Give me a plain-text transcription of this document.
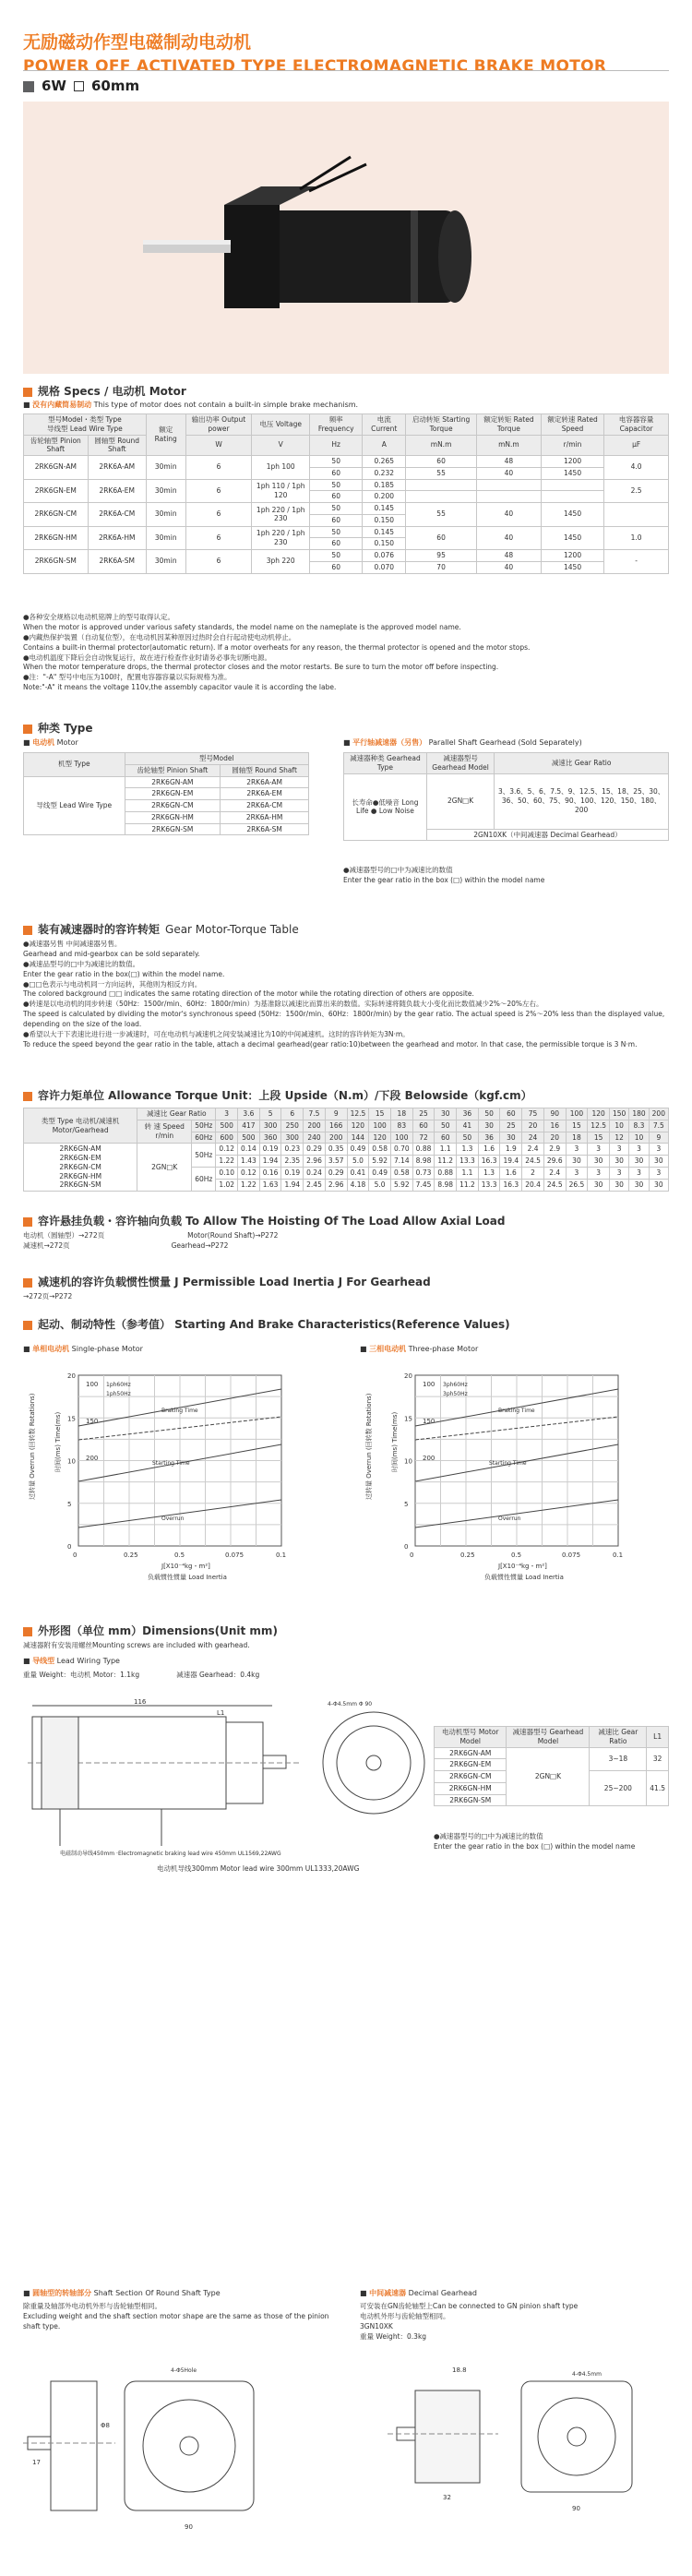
无励磁动作型电磁制动电动机
POWER OFF ACTIVATED TYPE ELECTROMAGNETIC BRAKE MOTOR
6W 60mm
规格 Specs / 电动机 Motor
■ 没有内藏简易制动 This type of motor does not contain a built-in simple brake mechanism.
型号Model・类型 Type
导线型 Lead Wire Type		额定 Rating	输出功率 Output power	电压 Voltage	频率 Frequency	电流 Current	启动转矩 Starting Torque	额定转矩 Rated Torque	额定转速 Rated Speed	电容器容量 Capacitor
齿轮轴型 Pinion Shaft	圆轴型 Round Shaft		W	V	Hz	A	mN.m	mN.m	r/min	μF
2RK6GN-AM	2RK6A-AM	30min	6	1ph 100	50	0.265	60	48	1200	4.0
					60	0.232	55	40	1450	
2RK6GN-EM	2RK6A-EM	30min	6	1ph 110 / 1ph 120	50	0.185				2.5
					60	0.200				
2RK6GN-CM	2RK6A-CM	30min	6	1ph 220 / 1ph 230	50	0.145	55	40	1450	
					60	0.150				
2RK6GN-HM	2RK6A-HM	30min	6	1ph 220 / 1ph 230	50	0.145	60	40	1450	1.0
					60	0.150				
2RK6GN-SM	2RK6A-SM	30min	6	3ph 220	50	0.076	95	48	1200	-
					60	0.070	70	40	1450	
●各种安全规格以电动机铭牌上的型号取得认定。
When the motor is approved under various safety standards, the model name on the nameplate is the approved model name.
●内藏热保护装置（自动复位型），在电动机因某种原因过热时会自行起动使电动机停止。
Contains a built-in thermal protector(automatic return). If a motor overheats for any reason, the thermal protector is opened and the motor stops.
●电动机温度下降后会自动恢复运行，故在进行检查作业时请务必事先切断电源。
When the motor temperature drops, the thermal protector closes and the motor restarts. Be sure to turn the motor off before inspecting.
●注："-A" 型号中电压为100时，配置电容器容量以实际规格为准。
Note:"-A" it means the voltage 110v,the assembly capacitor vaule it is according the labe.
种类 Type
■ 电动机 Motor	■ 平行轴减速器（另售） Parallel Shaft Gearhead (Sold Separately)
机型 Type	型号Model	
	齿轮轴型 Pinion Shaft	圆轴型 Round Shaft
导线型 Lead Wire Type	2RK6GN-AM	2RK6A-AM
	2RK6GN-EM	2RK6A-EM
	2RK6GN-CM	2RK6A-CM
	2RK6GN-HM	2RK6A-HM
	2RK6GN-SM	2RK6A-SM
减速器种类 Gearhead Type	减速器型号 Gearhead Model	减速比 Gear Ratio
长寿命●低噪音 Long Life ● Low Noise	2GN□K	3、3.6、5、6、7.5、9、12.5、15、18、25、30、36、50、60、75、90、100、120、150、180、200
	2GN10XK（中间减速器 Decimal Gearhead）	
●减速器型号的□中为减速比的数值
Enter the gear ratio in the box (□) within the model name
装有减速器时的容许转矩 Gear Motor-Torque Table
●减速器另售 中间减速器另售。
Gearhead and mid-gearbox can be sold separately.
●减速品型号的□中为减速比的数值。
Enter the gear ratio in the box(□) within the model name.
●□□色表示与电动机同一方向运转，其他则为相反方向。
The colored background □□ indicates the same rotating direction of the motor while the rotating direction of others are opposite.
●转速是以电动机的同步转速（50Hz：1500r/min、60Hz：1800r/min）为基准除以减速比而算出来的数值。实际转速将随负载大小变化而比数值减少2%～20%左右。
The speed is calculated by dividing the motor's synchronous speed (50Hz：1500r/min、60Hz：1800r/min) by the gear ratio. The actual speed is 2%～20% less than the displayed value, depending on the size of the load.
●希望以大于下表速比进行进一步减速时，可在电动机与减速机之间安装减速比为10的中间减速机。这时的容许转矩为3N·m。
To reduce the speed beyond the gear ratio in the table, attach a decimal gearhead(gear ratio:10)between the gearhead and motor. In that case, the permissible torque is 3 N·m.
容许力矩单位 Allowance Torque Unit：上段 Upside（N.m）/下段 Belowside（kgf.cm）
类型 Type 电动机/减速机 Motor/Gearhead	减速比 Gear Ratio		3	3.6	5	6	7.5	9	12.5	15	18	25	30	36	50	60	75	90	100	120	150	180	200
	转 速 Speed r/min	50Hz	500	417	300	250	200	166	120	100	83	60	50	41	30	25	20	16	15	12.5	10	8.3	7.5
		60Hz	600	500	360	300	240	200	144	120	100	72	60	50	36	30	24	20	18	15	12	10	9

2RK6GN-AM
2RK6GN-EM
2RK6GN-CM
2RK6GN-HM
2RK6GN-SM	2GN□K	50Hz	0.12	0.14	0.19	0.23	0.29	0.35	0.49	0.58	0.70	0.88	1.1	1.3	1.6	1.9	2.4	2.9	3	3	3	3	3
			1.22	1.43	1.94	2.35	2.96	3.57	5.0	5.92	7.14	8.98	11.2	13.3	16.3	19.4	24.5	29.6	30	30	30	30	30
		60Hz	0.10	0.12	0.16	0.19	0.24	0.29	0.41	0.49	0.58	0.73	0.88	1.1	1.3	1.6	2	2.4	3	3	3	3	3
			1.02	1.22	1.63	1.94	2.45	2.96	4.18	5.0	5.92	7.45	8.98	11.2	13.3	16.3	20.4	24.5	26.5	30	30	30	30
容许悬挂负载・容许轴向负载 To Allow The Hoisting Of The Load Allow Axial Load
电动机（圆轴型）→272页	Motor(Round Shaft)→P272
减速机→272页	Gearhead→P272
减速机的容许负载惯性惯量 J Permissible Load Inertia J For Gearhead
→272页→P272
起动、制动特性（参考值） Starting And Brake Characteristics(Reference Values)
■ 单相电动机 Single-phase Motor	■ 三相电动机 Three-phase Motor
0	0.25	0.5	0.075	0.1
0
5
10
15
20
100
150
200
J[X10⁻⁴kg・m²]
负载惯性惯量 Load Inertia
过转量 Overrun (回转数 Rotations)	时间(ms) Time(ms)
Braking Time
Starting Time
Overrun
1ph60Hz
1ph50Hz
0	0.25	0.5	0.075	0.1
0
5
10
15
20
100
150
200
J[X10⁻⁴kg・m²]
负载惯性惯量 Load Inertia
过转量 Overrun (回转数 Rotations)	时间(ms) Time(ms)
Braking Time
Starting Time
Overrun
3ph60Hz
3ph50Hz
外形图（单位 mm）Dimensions(Unit mm)
减速器附有安装用螺丝Mounting screws are included with gearhead.
■ 导线型 Lead Wiring Type
重量 Weight：电动机 Motor：1.1kg	减速器 Gearhead：0.4kg
116
L1
电磁制动导线450mm ·Electromagnetic braking lead wire 450mm UL1569,22AWG
4-Φ4.5mm Φ 90
电动机导线300mm Motor lead wire 300mm UL1333,20AWG
电动机型号 Motor Model	减速器型号 Gearhead Model	减速比 Gear Ratio	L1
2RK6GN-AM	2GN□K	3~18	32
2RK6GN-EM			
2RK6GN-CM		25~200	41.5
2RK6GN-HM			
2RK6GN-SM			
●减速器型号的□中为减速比的数值
Enter the gear ratio in the box (□) within the model name
■ 圆轴型的转轴部分 Shaft Section Of Round Shaft Type
除重量及轴部外电动机外形与齿轮轴型相同。
Excluding weight and the shaft section motor shape are the same as those of the pinion shaft type.
17
Φ8
4-Φ5Hole
90
■ 中间减速器 Decimal Gearhead
可安装在GN齿轮轴型上Can be connected to GN pinion shaft type
电动机外形与齿轮轴型相同。
3GN10XK
重量 Weight：0.3kg
18.8
32
4-Φ4.5mm
90
